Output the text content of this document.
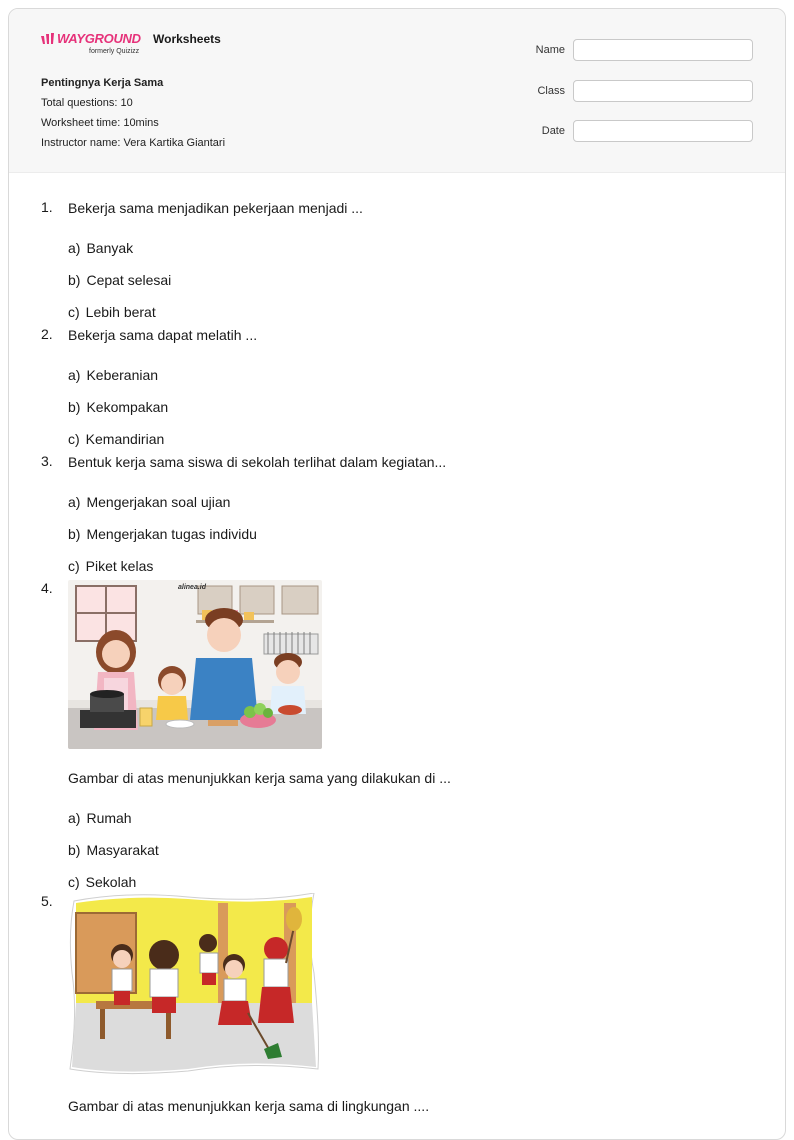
WAYGROUND
formerly Quizizz
Worksheets
Pentingnya Kerja Sama
Total questions: 10
Worksheet time: 10mins
Instructor name: Vera Kartika Giantari
Name
Class
Date
1. Bekerja sama menjadikan pekerjaan menjadi ...
a) Banyak
b) Cepat selesai
c) Lebih berat
2. Bekerja sama dapat melatih ...
a) Keberanian
b) Kekompakan
c) Kemandirian
3. Bentuk kerja sama siswa di sekolah terlihat dalam kegiatan...
a) Mengerjakan soal ujian
b) Mengerjakan tugas individu
c) Piket kelas
4.	alinea.id
Gambar di atas menunjukkan kerja sama yang dilakukan di ...
a) Rumah
b) Masyarakat
c) Sekolah
5.
Gambar di atas menunjukkan kerja sama di lingkungan ....
